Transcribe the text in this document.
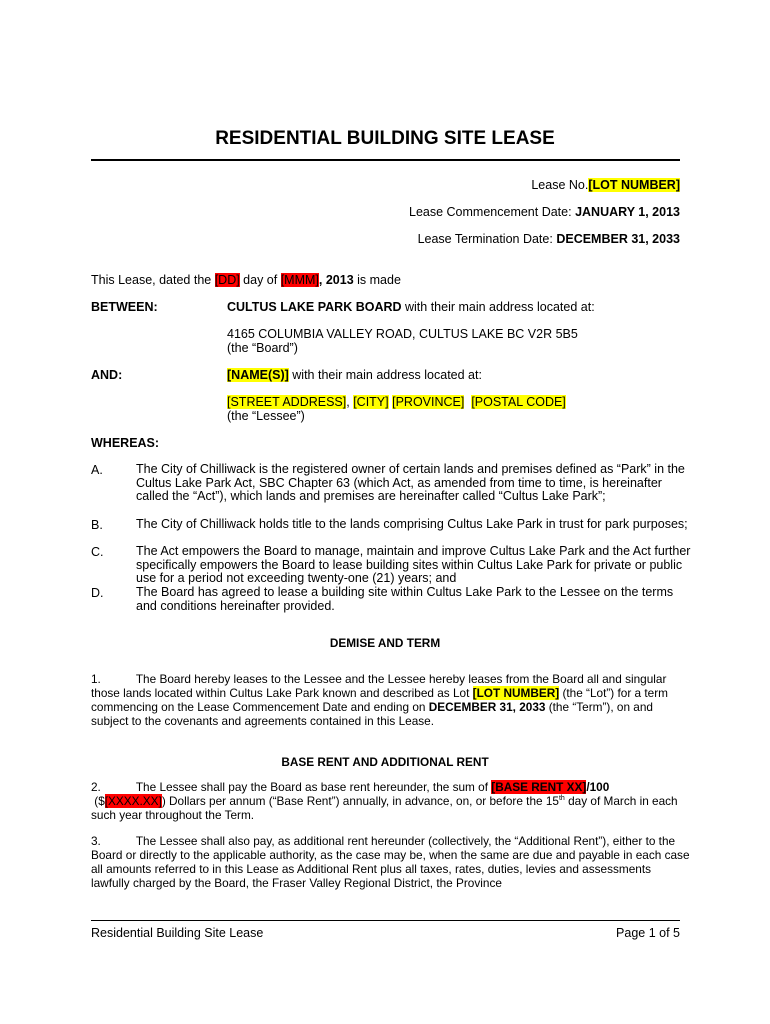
RESIDENTIAL BUILDING SITE LEASE
Lease No.[LOT NUMBER]
Lease Commencement Date: JANUARY 1, 2013
Lease Termination Date: DECEMBER 31, 2033
This Lease, dated the [DD] day of [MMM], 2013 is made
BETWEEN:	CULTUS LAKE PARK BOARD with their main address located at:
4165 COLUMBIA VALLEY ROAD, CULTUS LAKE BC V2R 5B5
(the “Board”)
AND:	[NAME(S)] with their main address located at:
[STREET ADDRESS], [CITY] [PROVINCE] [POSTAL CODE]
(the “Lessee”)
WHEREAS:
A.	The City of Chilliwack is the registered owner of certain lands and premises defined as “Park” in the Cultus Lake Park Act, SBC Chapter 63 (which Act, as amended from time to time, is hereinafter called the “Act”), which lands and premises are hereinafter called “Cultus Lake Park”;
B.	The City of Chilliwack holds title to the lands comprising Cultus Lake Park in trust for park purposes;
C.	The Act empowers the Board to manage, maintain and improve Cultus Lake Park and the Act further specifically empowers the Board to lease building sites within Cultus Lake Park for private or public use for a period not exceeding twenty-one (21) years; and
D.	The Board has agreed to lease a building site within Cultus Lake Park to the Lessee on the terms and conditions hereinafter provided.
DEMISE AND TERM
1.	The Board hereby leases to the Lessee and the Lessee hereby leases from the Board all and singular those lands located within Cultus Lake Park known and described as Lot [LOT NUMBER] (the “Lot”) for a term commencing on the Lease Commencement Date and ending on DECEMBER 31, 2033 (the “Term”), on and subject to the covenants and agreements contained in this Lease.
BASE RENT AND ADDITIONAL RENT
2.	The Lessee shall pay the Board as base rent hereunder, the sum of [BASE RENT XX]/100
($[XXXX.XX]) Dollars per annum (“Base Rent”) annually, in advance, on, or before the 15th day of March in each such year throughout the Term.
3.	The Lessee shall also pay, as additional rent hereunder (collectively, the “Additional Rent”), either to the Board or directly to the applicable authority, as the case may be, when the same are due and payable in each case all amounts referred to in this Lease as Additional Rent plus all taxes, rates, duties, levies and assessments lawfully charged by the Board, the Fraser Valley Regional District, the Province
Residential Building Site Lease	Page 1 of 5
